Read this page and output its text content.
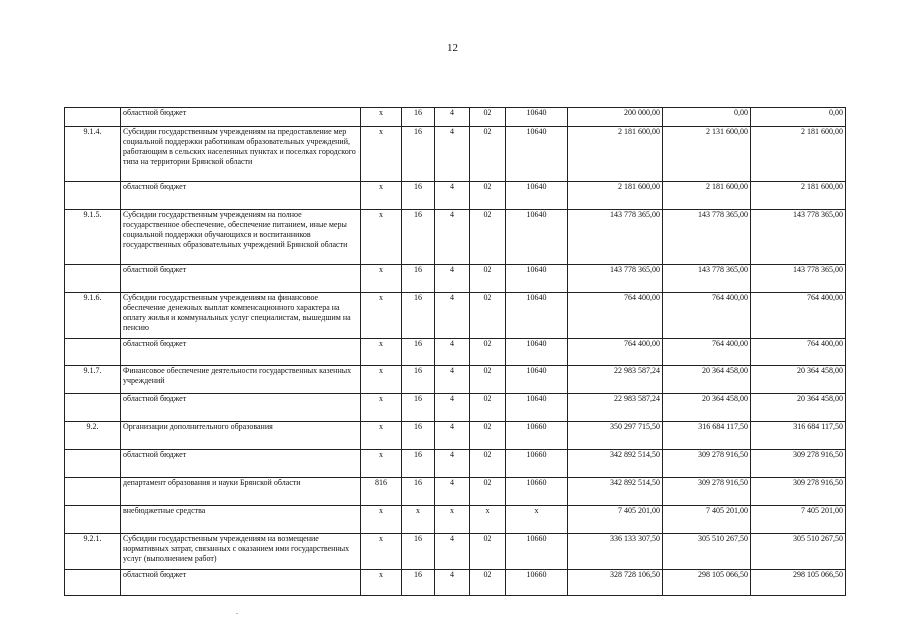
12
	областной бюджет	x	16	4	02	10640	200 000,00	0,00	0,00
9.1.4.	Субсидии государственным учреждениям на предоставление мер социальной поддержки работникам образовательных учреждений, работающим в сельских населенных пунктах и поселках городского типа на территории Брянской области	x	16	4	02	10640	2 181 600,00	2 131 600,00	2 181 600,00
	областной бюджет	x	16	4	02	10640	2 181 600,00	2 181 600,00	2 181 600,00
9.1.5.	Субсидии государственным учреждениям на полное государственное обеспечение, обеспечение питанием, иные меры социальной поддержки обучающихся и воспитанников государственных образовательных учреждений Брянской области	x	16	4	02	10640	143 778 365,00	143 778 365,00	143 778 365,00
	областной бюджет	x	16	4	02	10640	143 778 365,00	143 778 365,00	143 778 365,00
9.1.6.	Субсидии государственным учреждениям на финансовое обеспечение денежных выплат компенсационного характера на оплату жилья и коммунальных услуг специалистам, вышедшим на пенсию	x	16	4	02	10640	764 400,00	764 400,00	764 400,00
	областной бюджет	x	16	4	02	10640	764 400,00	764 400,00	764 400,00
9.1.7.	Финансовое обеспечение деятельности государственных казенных учреждений	x	16	4	02	10640	22 983 587,24	20 364 458,00	20 364 458,00
	областной бюджет	x	16	4	02	10640	22 983 587,24	20 364 458,00	20 364 458,00
9.2.	Организации дополнительного образования	x	16	4	02	10660	350 297 715,50	316 684 117,50	316 684 117,50
	областной бюджет	x	16	4	02	10660	342 892 514,50	309 278 916,50	309 278 916,50
	департамент образования и науки Брянской области	816	16	4	02	10660	342 892 514,50	309 278 916,50	309 278 916,50
	внебюджетные средства	x	x	x	x	x	7 405 201,00	7 405 201,00	7 405 201,00
9.2.1.	Субсидии государственным учреждениям на возмещение нормативных затрат, связанных с оказанием ими государственных услуг (выполнением работ)	x	16	4	02	10660	336 133 307,50	305 510 267,50	305 510 267,50
	областной бюджет	x	16	4	02	10660	328 728 106,50	298 105 066,50	298 105 066,50
